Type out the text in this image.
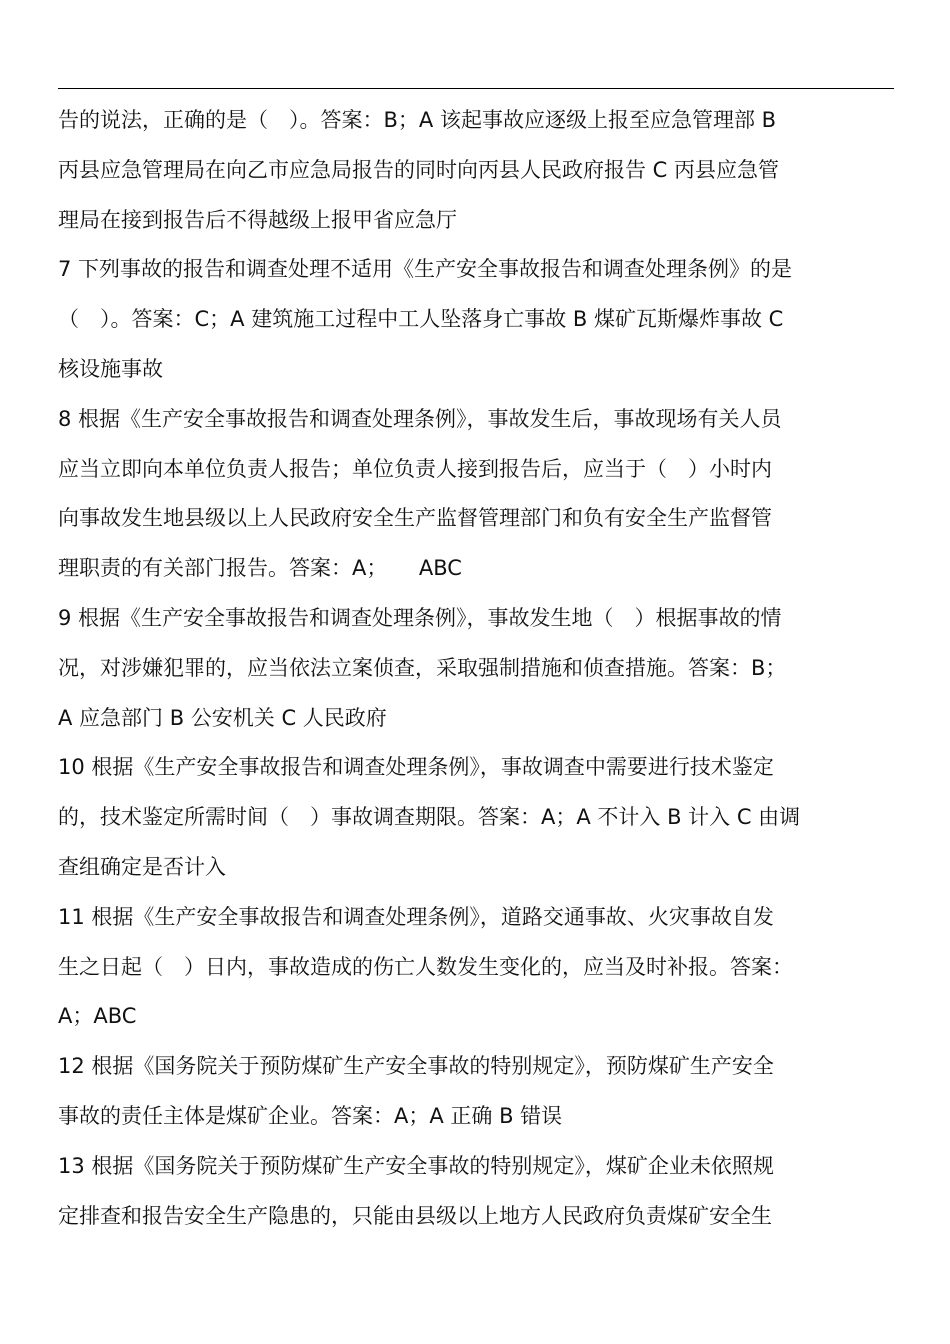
告的说法，正确的是（　）。答案：B；A 该起事故应逐级上报至应急管理部 B
丙县应急管理局在向乙市应急局报告的同时向丙县人民政府报告 C 丙县应急管
理局在接到报告后不得越级上报甲省应急厅
7 下列事故的报告和调查处理不适用《生产安全事故报告和调查处理条例》的是
（　）。答案：C；A 建筑施工过程中工人坠落身亡事故 B 煤矿瓦斯爆炸事故 C
核设施事故
8 根据《生产安全事故报告和调查处理条例》，事故发生后，事故现场有关人员
应当立即向本单位负责人报告；单位负责人接到报告后，应当于（　）小时内
向事故发生地县级以上人民政府安全生产监督管理部门和负有安全生产监督管
理职责的有关部门报告。答案：A；　　ABC
9 根据《生产安全事故报告和调查处理条例》，事故发生地（　）根据事故的情
况，对涉嫌犯罪的，应当依法立案侦查，采取强制措施和侦查措施。答案：B；
A 应急部门 B 公安机关 C 人民政府
10 根据《生产安全事故报告和调查处理条例》，事故调查中需要进行技术鉴定
的，技术鉴定所需时间（　）事故调查期限。答案：A；A 不计入 B 计入 C 由调
查组确定是否计入
11 根据《生产安全事故报告和调查处理条例》，道路交通事故、火灾事故自发
生之日起（　）日内，事故造成的伤亡人数发生变化的，应当及时补报。答案：
A；ABC
12 根据《国务院关于预防煤矿生产安全事故的特别规定》，预防煤矿生产安全
事故的责任主体是煤矿企业。答案：A；A 正确 B 错误
13 根据《国务院关于预防煤矿生产安全事故的特别规定》，煤矿企业未依照规
定排查和报告安全生产隐患的，只能由县级以上地方人民政府负责煤矿安全生
